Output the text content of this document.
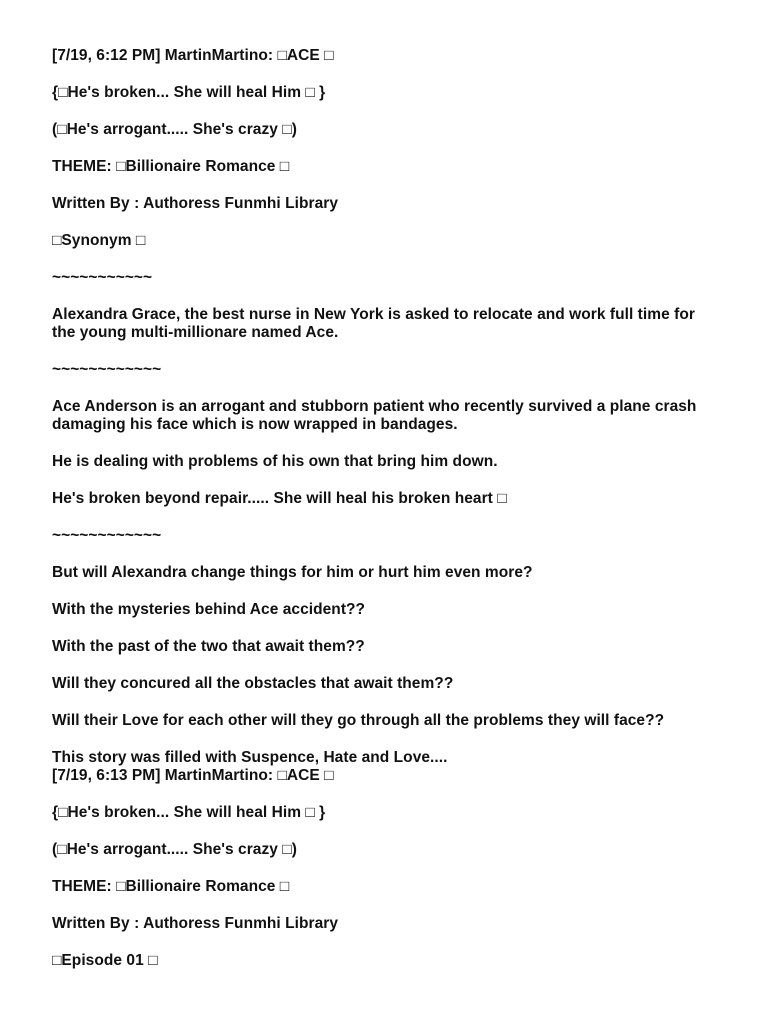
[7/19, 6:12 PM] MartinMartino: □ACE □

{□He's broken... She will heal Him □ }

(□He's arrogant..... She's crazy □)

THEME: □Billionaire Romance □

Written By : Authoress Funmhi Library

□Synonym □

~~~~~~~~~~~

Alexandra Grace, the best nurse in New York is asked to relocate and work full time for the young multi-millionare named Ace.

~~~~~~~~~~~~

Ace Anderson is an arrogant and stubborn patient who recently survived a plane crash damaging his face which is now wrapped in bandages.

He is dealing with problems of his own that bring him down.

He's broken beyond repair..... She will heal his broken heart □

~~~~~~~~~~~~

But will Alexandra change things for him or hurt him even more?

With the mysteries behind Ace accident??

With the past of the two that await them??

Will they concured all the obstacles that await them??

Will their Love for each other will they go through all the problems they will face??

This story was filled with Suspence, Hate and Love....

[7/19, 6:13 PM] MartinMartino: □ACE □

{□He's broken... She will heal Him □ }

(□He's arrogant..... She's crazy □)

THEME: □Billionaire Romance □

Written By : Authoress Funmhi Library

□Episode 01 □
